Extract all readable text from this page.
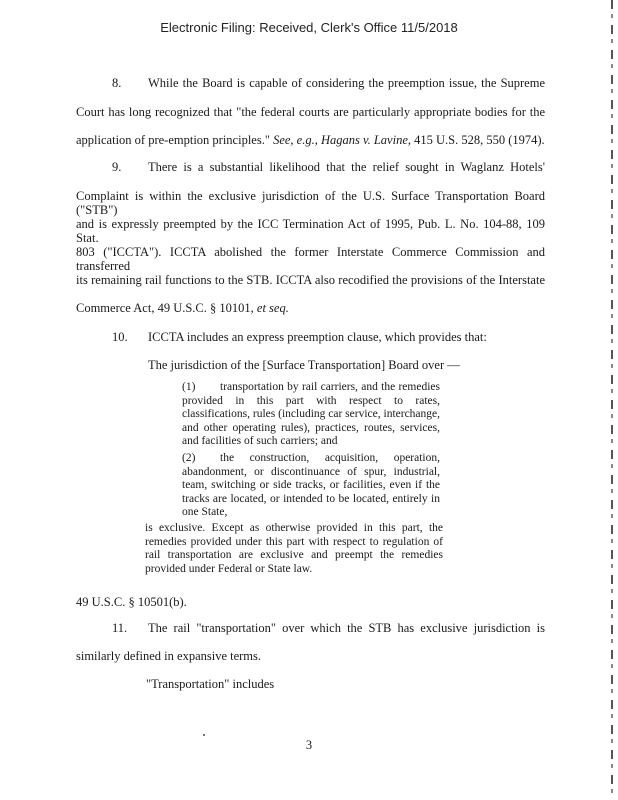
Electronic Filing: Received, Clerk's Office 11/5/2018
8. While the Board is capable of considering the preemption issue, the Supreme

Court has long recognized that "the federal courts are particularly appropriate bodies for the

application of pre-emption principles." See, e.g., Hagans v. Lavine, 415 U.S. 528, 550 (1974).

9. There is a substantial likelihood that the relief sought in Waglanz Hotels'

Complaint is within the exclusive jurisdiction of the U.S. Surface Transportation Board ("STB")

and is expressly preempted by the ICC Termination Act of 1995, Pub. L. No. 104-88, 109 Stat.

803 ("ICCTA"). ICCTA abolished the former Interstate Commerce Commission and transferred

its remaining rail functions to the STB. ICCTA also recodified the provisions of the Interstate

Commerce Act, 49 U.S.C. § 10101, et seq.

10. ICCTA includes an express preemption clause, which provides that:

The jurisdiction of the [Surface Transportation] Board over —

(1)	transportation by rail carriers, and the remedies
provided in this part with respect to rates, classifications, rules (including car service, interchange, and other operating rules), practices, routes, services, and facilities of such carriers; and
(2)	the construction, acquisition, operation,
abandonment, or discontinuance of spur, industrial, team, switching or side tracks, or facilities, even if the tracks are located, or intended to be located, entirely in one State,

is exclusive. Except as otherwise provided in this part, the remedies provided under this part with respect to regulation of rail transportation are exclusive and preempt the remedies provided under Federal or State law.

49 U.S.C. § 10501(b).

11. The rail "transportation" over which the STB has exclusive jurisdiction is

similarly defined in expansive terms.

"Transportation" includes

3
